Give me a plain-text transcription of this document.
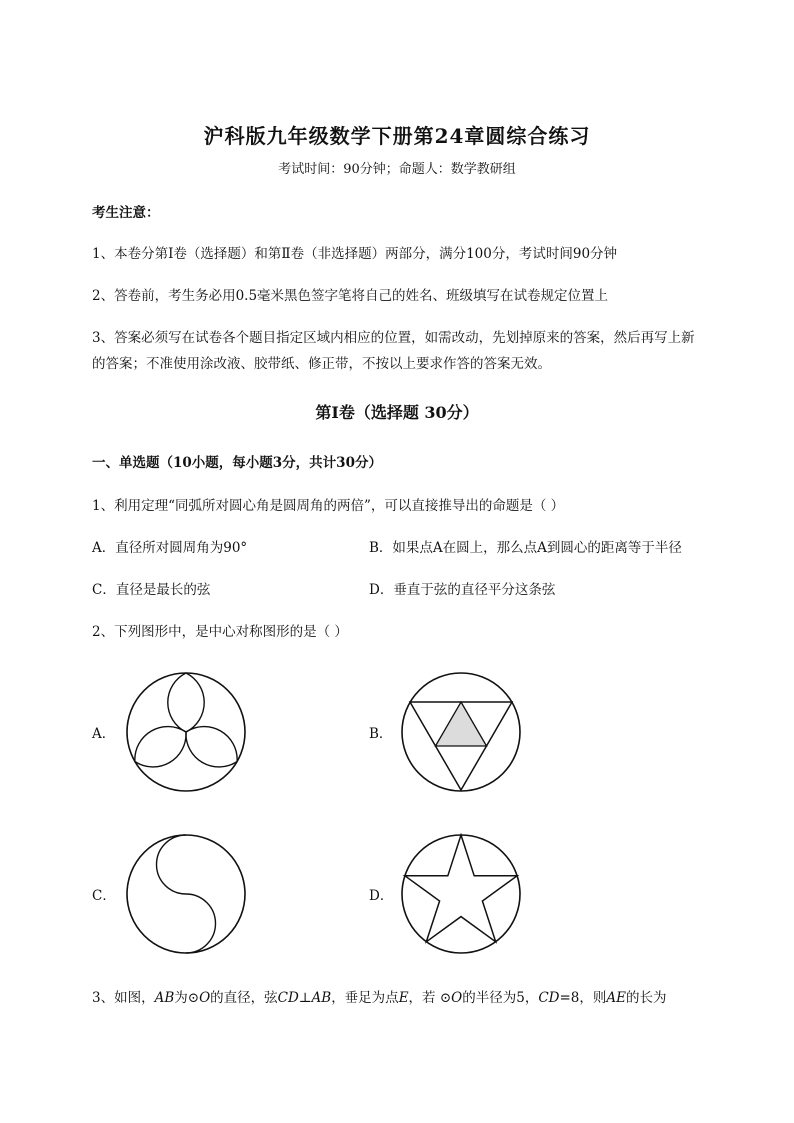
沪科版九年级数学下册第24章圆综合练习
考试时间：90分钟；命题人：数学教研组
考生注意：
1、本卷分第Ⅰ卷（选择题）和第Ⅱ卷（非选择题）两部分，满分100分，考试时间90分钟
2、答卷前，考生务必用0.5毫米黑色签字笔将自己的姓名、班级填写在试卷规定位置上
3、答案必须写在试卷各个题目指定区域内相应的位置，如需改动，先划掉原来的答案，然后再写上新
的答案；不准使用涂改液、胶带纸、修正带，不按以上要求作答的答案无效。
第Ⅰ卷（选择题 30分）
一、单选题（10小题，每小题3分，共计30分）
1、利用定理“同弧所对圆心角是圆周角的两倍”，可以直接推导出的命题是（ ）
A．直径所对圆周角为90°	B．如果点A在圆上，那么点A到圆心的距离等于半径
C．直径是最长的弦	D．垂直于弦的直径平分这条弦
2、下列图形中，是中心对称图形的是（ ）
A．	B．
C．	D．
3、如图，AB为⊙O的直径，弦CD⊥AB，垂足为点E，若 ⊙O的半径为5，CD=8，则AE的长为
